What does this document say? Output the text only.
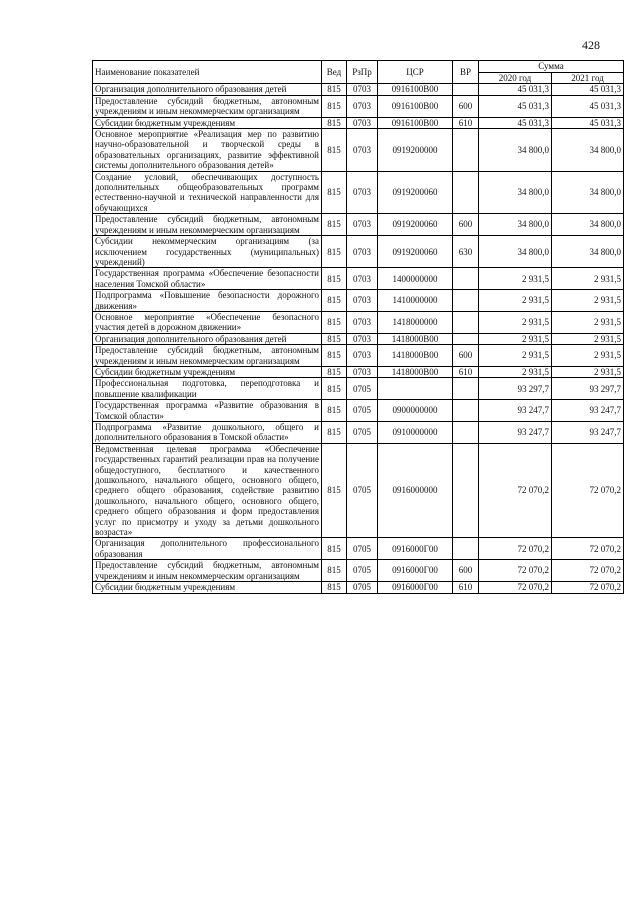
428
Наименование показателей	Вед	РзПр	ЦСР	ВР	Сумма	
					2020 год	2021 год
Организация дополнительного образования детей	815	0703	0916100В00		45 031,3	45 031,3
Предоставление субсидий бюджетным, автономным учреждениям и иным некоммерческим организациям	815	0703	0916100В00	600	45 031,3	45 031,3
Субсидии бюджетным учреждениям	815	0703	0916100В00	610	45 031,3	45 031,3
Основное мероприятие «Реализация мер по развитию научно-образовательной и творческой среды в образовательных организациях, развитие эффективной системы дополнительного образования детей»	815	0703	0919200000		34 800,0	34 800,0
Создание условий, обеспечивающих доступность дополнительных общеобразовательных программ естественно-научной и технической направленности для обучающихся	815	0703	0919200060		34 800,0	34 800,0
Предоставление субсидий бюджетным, автономным учреждениям и иным некоммерческим организациям	815	0703	0919200060	600	34 800,0	34 800,0
Субсидии некоммерческим организациям (за исключением государственных (муниципальных) учреждений)	815	0703	0919200060	630	34 800,0	34 800,0
Государственная программа «Обеспечение безопасности населения Томской области»	815	0703	1400000000		2 931,5	2 931,5
Подпрограмма «Повышение безопасности дорожного движения»	815	0703	1410000000		2 931,5	2 931,5
Основное мероприятие «Обеспечение безопасного участия детей в дорожном движении»	815	0703	1418000000		2 931,5	2 931,5
Организация дополнительного образования детей	815	0703	1418000В00		2 931,5	2 931,5
Предоставление субсидий бюджетным, автономным учреждениям и иным некоммерческим организациям	815	0703	1418000В00	600	2 931,5	2 931,5
Субсидии бюджетным учреждениям	815	0703	1418000В00	610	2 931,5	2 931,5
Профессиональная подготовка, переподготовка и повышение квалификации	815	0705			93 297,7	93 297,7
Государственная программа «Развитие образования в Томской области»	815	0705	0900000000		93 247,7	93 247,7
Подпрограмма «Развитие дошкольного, общего и дополнительного образования в Томской области»	815	0705	0910000000		93 247,7	93 247,7
Ведомственная целевая программа «Обеспечение государственных гарантий реализации прав на получение общедоступного, бесплатного и качественного дошкольного, начального общего, основного общего, среднего общего образования, содействие развитию дошкольного, начального общего, основного общего, среднего общего образования и форм предоставления услуг по присмотру и уходу за детьми дошкольного возраста»	815	0705	0916000000		72 070,2	72 070,2
Организация дополнительного профессионального образования	815	0705	0916000Г00		72 070,2	72 070,2
Предоставление субсидий бюджетным, автономным учреждениям и иным некоммерческим организациям	815	0705	0916000Г00	600	72 070,2	72 070,2
Субсидии бюджетным учреждениям	815	0705	0916000Г00	610	72 070,2	72 070,2
